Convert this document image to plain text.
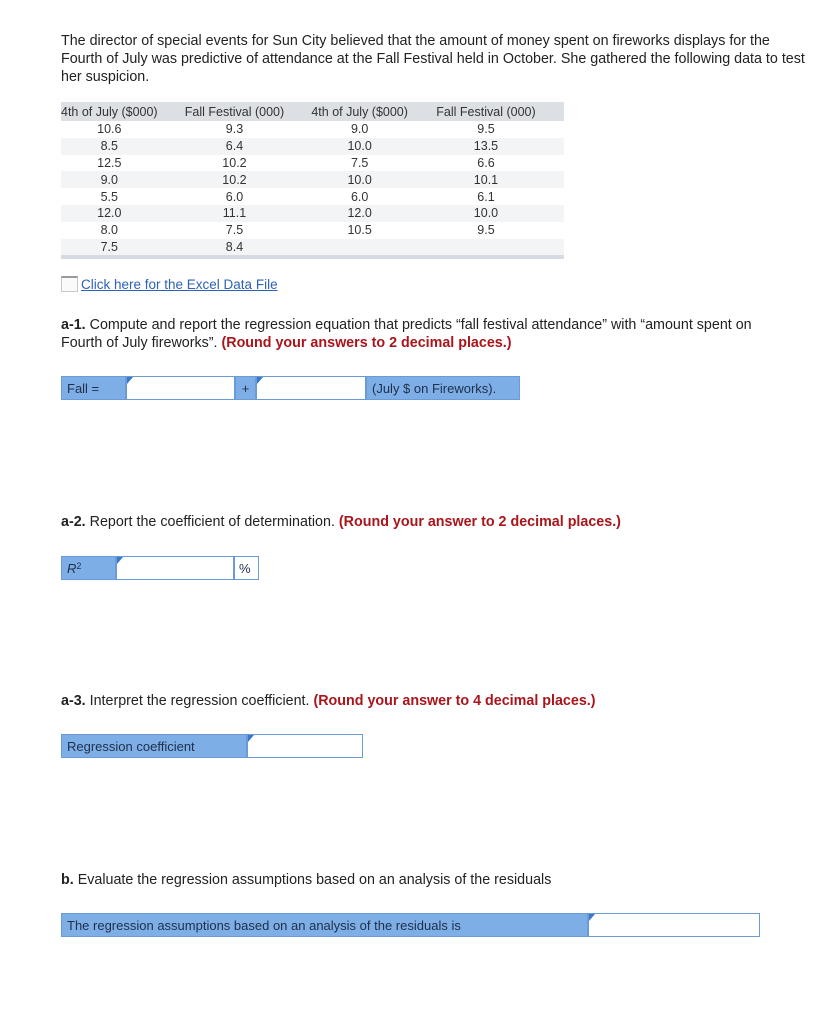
The director of special events for Sun City believed that the amount of money spent on fireworks displays for the Fourth of July was predictive of attendance at the Fall Festival held in October. She gathered the following data to test her suspicion.

4th of July ($000)	Fall Festival (000)	4th of July ($000)	Fall Festival (000)
10.6	9.3	9.0	9.5
8.5	6.4	10.0	13.5
12.5	10.2	7.5	6.6
9.0	10.2	10.0	10.1
5.5	6.0	6.0	6.1
12.0	11.1	12.0	10.0
8.0	7.5	10.5	9.5
7.5	8.4		
Click here for the Excel Data File

a-1. Compute and report the regression equation that predicts “fall festival attendance” with “amount spent on Fourth of July fireworks”. (Round your answers to 2 decimal places.)

Fall =	+	(July $ on Fireworks).

a-2. Report the coefficient of determination. (Round your answer to 2 decimal places.)

$R^2$	%

a-3. Interpret the regression coefficient. (Round your answer to 4 decimal places.)

Regression coefficient

b. Evaluate the regression assumptions based on an analysis of the residuals

The regression assumptions based on an analysis of the residuals is
